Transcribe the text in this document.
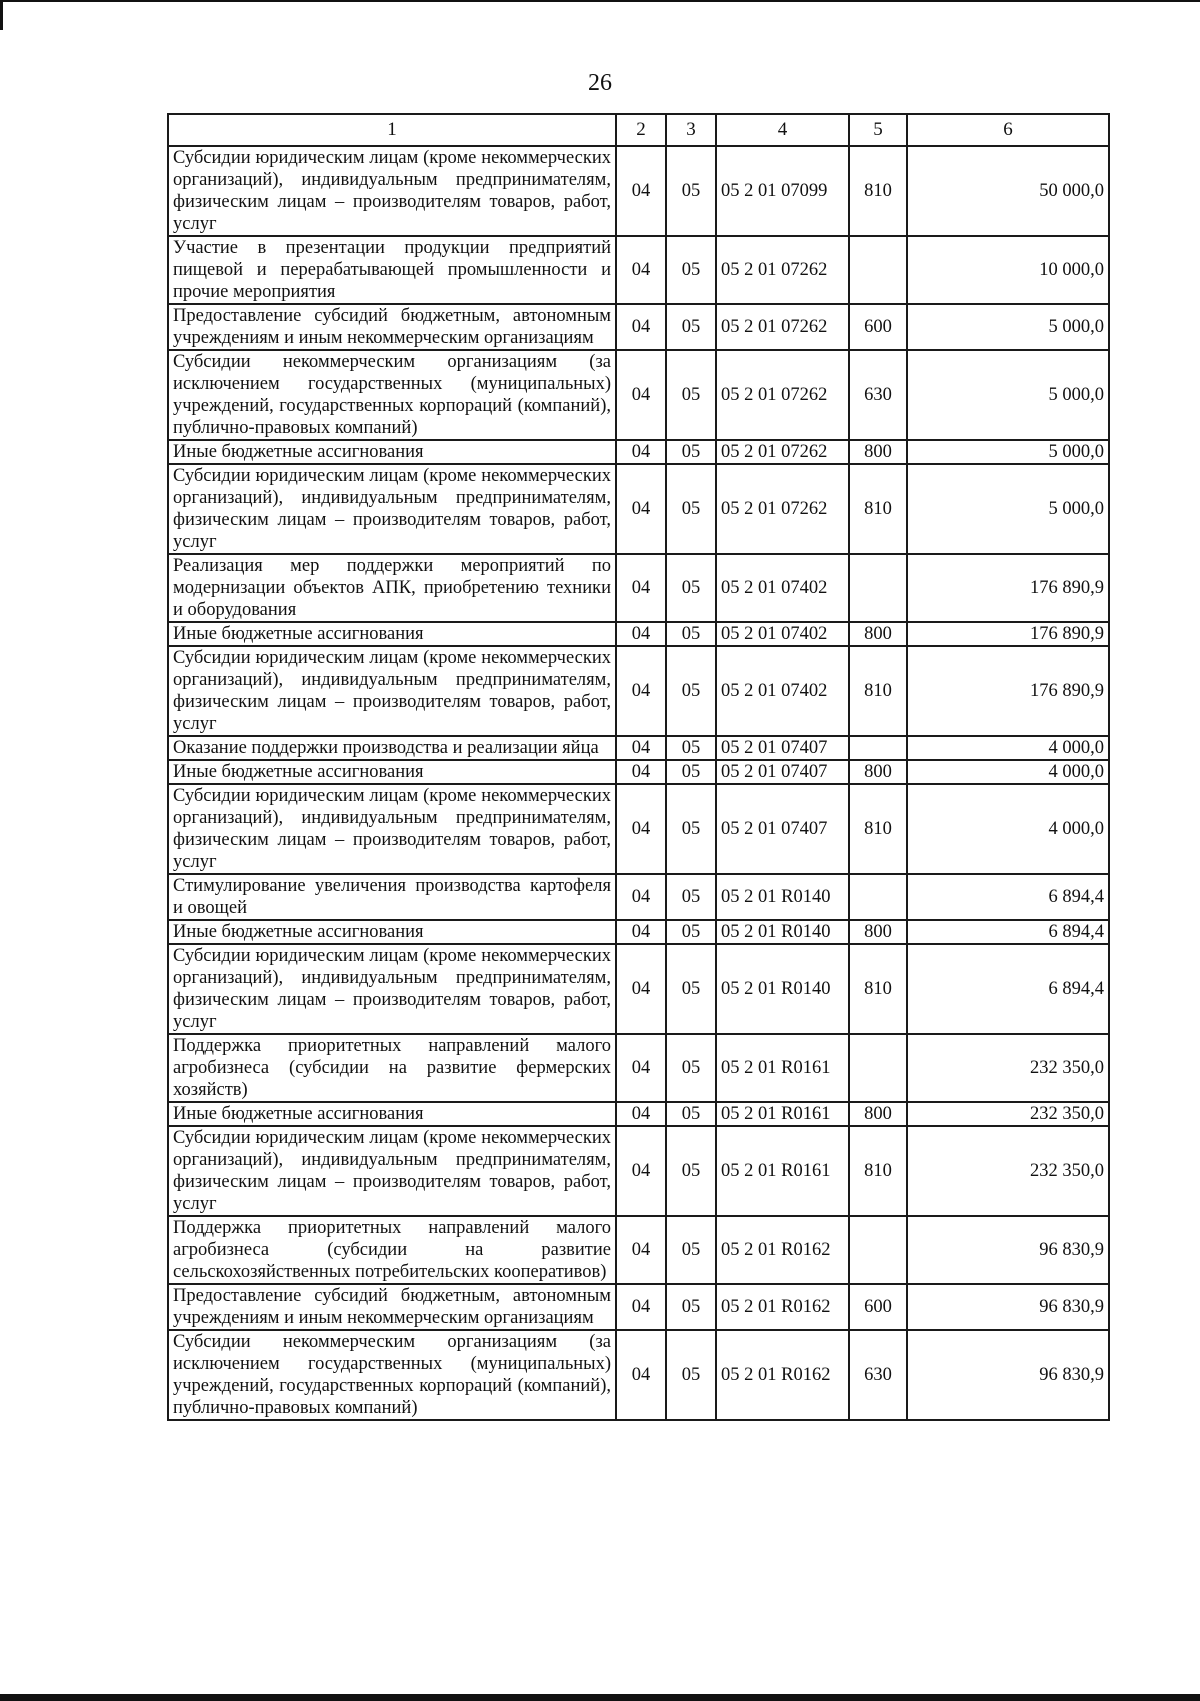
26
1	2	3	4	5	6
Субсидии юридическим лицам (кроме некоммерческих организаций), индивидуальным предпринимателям, физическим лицам – производителям товаров, работ, услуг	04	05	05 2 01 07099	810	50 000,0
Участие в презентации продукции предприятий пищевой и перерабатывающей промышленности и прочие мероприятия	04	05	05 2 01 07262		10 000,0
Предоставление субсидий бюджетным, автономным учреждениям и иным некоммерческим организациям	04	05	05 2 01 07262	600	5 000,0
Субсидии некоммерческим организациям (за исключением государственных (муниципальных) учреждений, государственных корпораций (компаний), публично-правовых компаний)	04	05	05 2 01 07262	630	5 000,0
Иные бюджетные ассигнования	04	05	05 2 01 07262	800	5 000,0
Субсидии юридическим лицам (кроме некоммерческих организаций), индивидуальным предпринимателям, физическим лицам – производителям товаров, работ, услуг	04	05	05 2 01 07262	810	5 000,0
Реализация мер поддержки мероприятий по модернизации объектов АПК, приобретению техники и оборудования	04	05	05 2 01 07402		176 890,9
Иные бюджетные ассигнования	04	05	05 2 01 07402	800	176 890,9
Субсидии юридическим лицам (кроме некоммерческих организаций), индивидуальным предпринимателям, физическим лицам – производителям товаров, работ, услуг	04	05	05 2 01 07402	810	176 890,9
Оказание поддержки производства и реализации яйца	04	05	05 2 01 07407		4 000,0
Иные бюджетные ассигнования	04	05	05 2 01 07407	800	4 000,0
Субсидии юридическим лицам (кроме некоммерческих организаций), индивидуальным предпринимателям, физическим лицам – производителям товаров, работ, услуг	04	05	05 2 01 07407	810	4 000,0
Стимулирование увеличения производства картофеля и овощей	04	05	05 2 01 R0140		6 894,4
Иные бюджетные ассигнования	04	05	05 2 01 R0140	800	6 894,4
Субсидии юридическим лицам (кроме некоммерческих организаций), индивидуальным предпринимателям, физическим лицам – производителям товаров, работ, услуг	04	05	05 2 01 R0140	810	6 894,4
Поддержка приоритетных направлений малого агробизнеса (субсидии на развитие фермерских хозяйств)	04	05	05 2 01 R0161		232 350,0
Иные бюджетные ассигнования	04	05	05 2 01 R0161	800	232 350,0
Субсидии юридическим лицам (кроме некоммерческих организаций), индивидуальным предпринимателям, физическим лицам – производителям товаров, работ, услуг	04	05	05 2 01 R0161	810	232 350,0
Поддержка приоритетных направлений малого агробизнеса (субсидии на развитие сельскохозяйственных потребительских кооперативов)	04	05	05 2 01 R0162		96 830,9
Предоставление субсидий бюджетным, автономным учреждениям и иным некоммерческим организациям	04	05	05 2 01 R0162	600	96 830,9
Субсидии некоммерческим организациям (за исключением государственных (муниципальных) учреждений, государственных корпораций (компаний), публично-правовых компаний)	04	05	05 2 01 R0162	630	96 830,9
